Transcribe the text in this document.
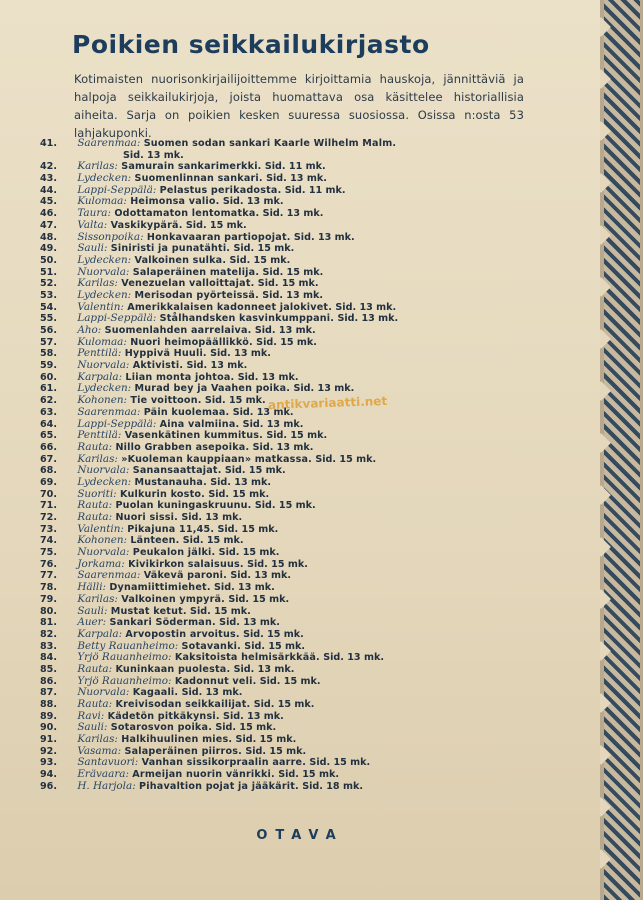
Poikien seikkailukirjasto
Kotimaisten nuorisonkirjailijoittemme kirjoittamia hauskoja, jännittäviä ja halpoja seikkailukirjoja, joista huomattava osa käsittelee historiallisia aiheita. Sarja on poikien kesken suuressa suosiossa. Osissa n:osta 53 lahjakuponki.
41. Saarenmaa: Suomen sodan sankari Kaarle Wilhelm Malm.
Sid. 13 mk.
42. Karilas: Samurain sankarimerkki. Sid. 11 mk.
43. Lydecken: Suomenlinnan sankari. Sid. 13 mk.
44. Lappi-Seppälä: Pelastus perikadosta. Sid. 11 mk.
45. Kulomaa: Heimonsa valio. Sid. 13 mk.
46. Taura: Odottamaton lentomatka. Sid. 13 mk.
47. Valta: Vaskikypärä. Sid. 15 mk.
48. Sissonpoika: Honkavaaran partiopojat. Sid. 13 mk.
49. Sauli: Siniristi ja punatähti. Sid. 15 mk.
50. Lydecken: Valkoinen sulka. Sid. 15 mk.
51. Nuorvala: Salaperäinen matelija. Sid. 15 mk.
52. Karilas: Venezuelan valloittajat. Sid. 15 mk.
53. Lydecken: Merisodan pyörteissä. Sid. 13 mk.
54. Valentin: Amerikkalaisen kadonneet jalokivet. Sid. 13 mk.
55. Lappi-Seppälä: Stålhandsken kasvinkumppani. Sid. 13 mk.
56. Aho: Suomenlahden aarrelaiva. Sid. 13 mk.
57. Kulomaa: Nuori heimopäällikkö. Sid. 15 mk.
58. Penttilä: Hyppivä Huuli. Sid. 13 mk.
59. Nuorvala: Aktivisti. Sid. 13 mk.
60. Karpala: Liian monta johtoa. Sid. 13 mk.
61. Lydecken: Murad bey ja Vaahen poika. Sid. 13 mk.
62. Kohonen: Tie voittoon. Sid. 15 mk.
63. Saarenmaa: Päin kuolemaa. Sid. 13 mk.
64. Lappi-Seppälä: Aina valmiina. Sid. 13 mk.
65. Penttilä: Vasenkätinen kummitus. Sid. 15 mk.
66. Rauta: Nillo Grabben asepoika. Sid. 13 mk.
67. Karilas: »Kuoleman kauppiaan» matkassa. Sid. 15 mk.
68. Nuorvala: Sanansaattajat. Sid. 15 mk.
69. Lydecken: Mustanauha. Sid. 13 mk.
70. Suoriti: Kulkurin kosto. Sid. 15 mk.
71. Rauta: Puolan kuningaskruunu. Sid. 15 mk.
72. Rauta: Nuori sissi. Sid. 13 mk.
73. Valentin: Pikajuna 11,45. Sid. 15 mk.
74. Kohonen: Länteen. Sid. 15 mk.
75. Nuorvala: Peukalon jälki. Sid. 15 mk.
76. Jorkama: Kivikirkon salaisuus. Sid. 15 mk.
77. Saarenmaa: Väkevä paroni. Sid. 13 mk.
78. Hälli: Dynamiittimiehet. Sid. 13 mk.
79. Karilas: Valkoinen ympyrä. Sid. 15 mk.
80. Sauli: Mustat ketut. Sid. 15 mk.
81. Auer: Sankari Söderman. Sid. 13 mk.
82. Karpala: Arvopostin arvoitus. Sid. 15 mk.
83. Betty Rauanheimo: Sotavanki. Sid. 15 mk.
84. Yrjö Rauanheimo: Kaksitoista helmisärkkää. Sid. 13 mk.
85. Rauta: Kuninkaan puolesta. Sid. 13 mk.
86. Yrjö Rauanheimo: Kadonnut veli. Sid. 15 mk.
87. Nuorvala: Kagaali. Sid. 13 mk.
88. Rauta: Kreivisodan seikkailijat. Sid. 15 mk.
89. Ravi: Kädetön pitkäkynsi. Sid. 13 mk.
90. Sauli: Sotarosvon poika. Sid. 15 mk.
91. Karilas: Halkihuulinen mies. Sid. 15 mk.
92. Vasama: Salaperäinen piirros. Sid. 15 mk.
93. Santavuori: Vanhan sissikorpraalin aarre. Sid. 15 mk.
94. Erävaara: Armeijan nuorin vänrikki. Sid. 15 mk.
96. H. Harjola: Pihavaltion pojat ja jääkärit. Sid. 18 mk.
antikvariaatti.net
OTAVA
